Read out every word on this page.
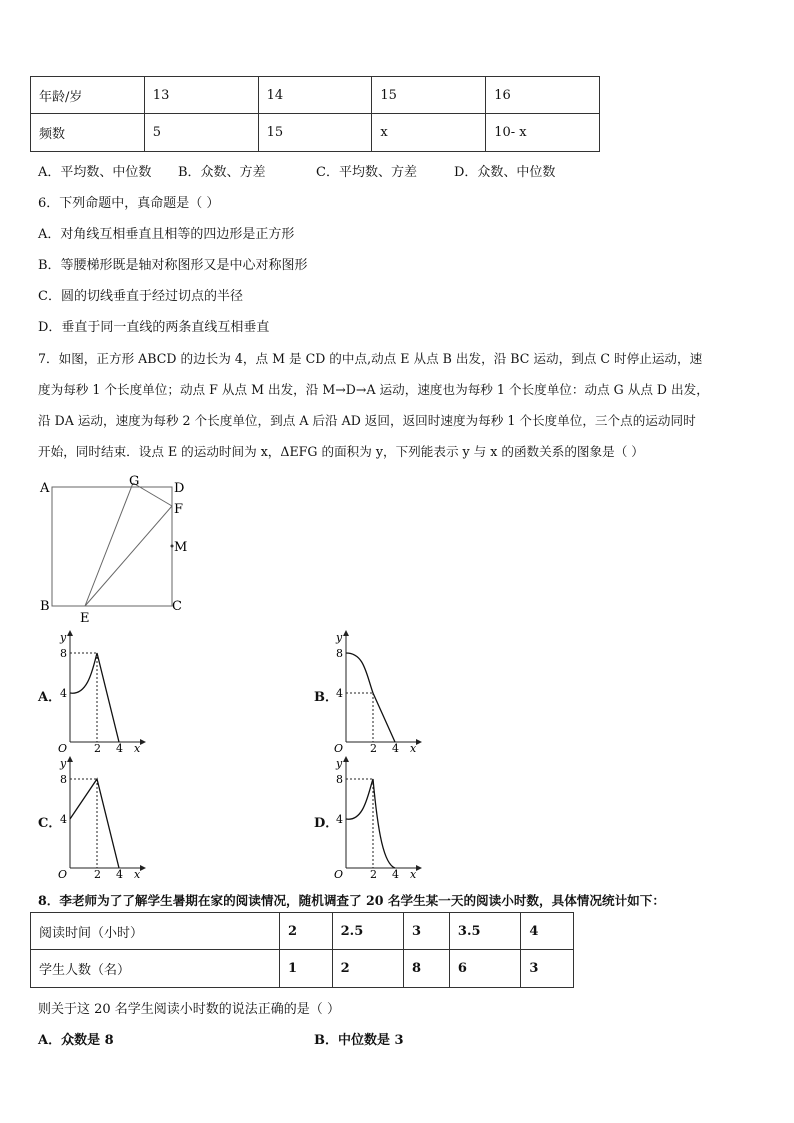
年龄/岁	13	14	15	16
频数	5	15	x	10- x
A．平均数、中位数 B．众数、方差	C．平均数、方差	D．众数、中位数
6．下列命题中，真命题是（ ）
A．对角线互相垂直且相等的四边形是正方形
B．等腰梯形既是轴对称图形又是中心对称图形
C．圆的切线垂直于经过切点的半径
D．垂直于同一直线的两条直线互相垂直
7．如图，正方形 ABCD 的边长为 4，点 M 是 CD 的中点,动点 E 从点 B 出发，沿 BC 运动，到点 C 时停止运动，速
度为每秒 1 个长度单位；动点 F 从点 M 出发，沿 M→D→A 运动，速度也为每秒 1 个长度单位：动点 G 从点 D 出发，
沿 DA 运动，速度为每秒 2 个长度单位，到点 A 后沿 AD 返回，返回时速度为每秒 1 个长度单位，三个点的运动同时
开始，同时结束．设点 E 的运动时间为 x，ΔEFG 的面积为 y，下列能表示 y 与 x 的函数关系的图象是（ ）
A	G	D
F
M
B
E
C
A．	B．
C．	D．
y
8
4
O 2 4 x
y
8
4
O 2 4 x
y
8
4
O 2 4 x
y
8
4
O 2 4 x
8．李老师为了了解学生暑期在家的阅读情况，随机调查了 20 名学生某一天的阅读小时数，具体情况统计如下：
阅读时间（小时）	2	2.5	3	3.5	4
学生人数（名）	1	2	8	6	3
则关于这 20 名学生阅读小时数的说法正确的是（ ）
A．众数是 8	B．中位数是 3
